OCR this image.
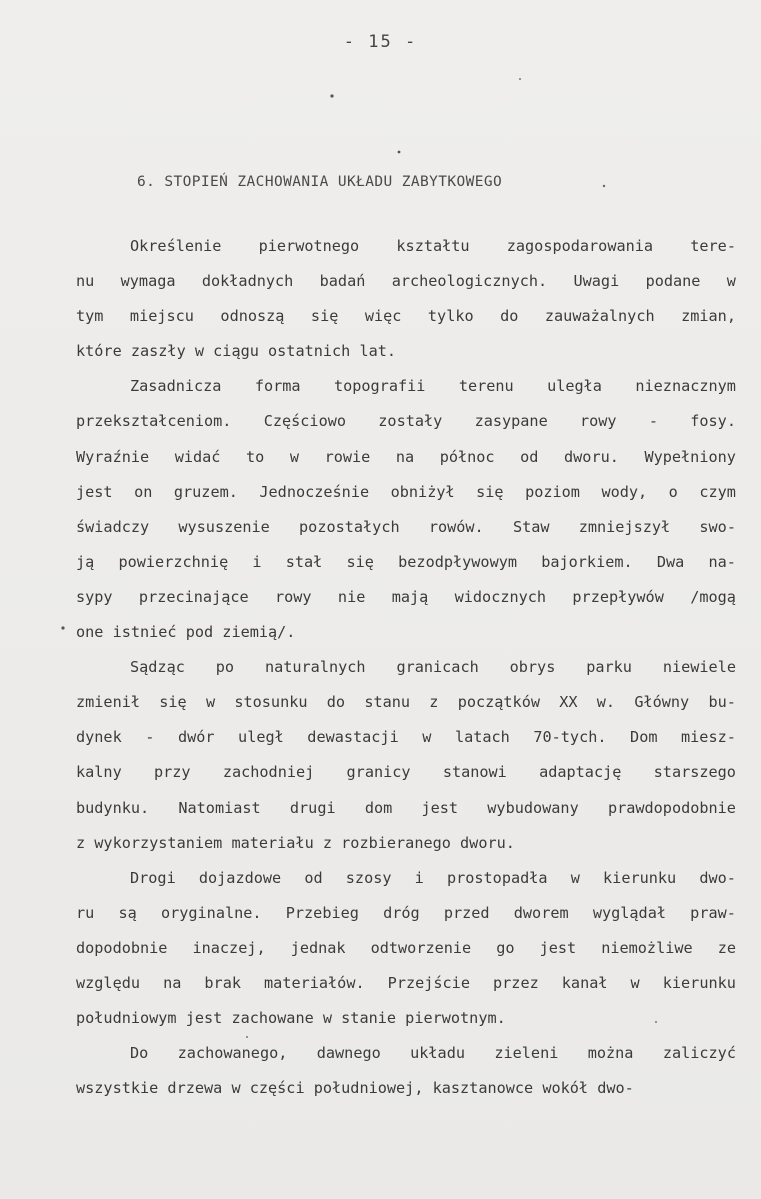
- 15 -
6. STOPIEŃ ZACHOWANIA UKŁADU ZABYTKOWEGO
Określenie pierwotnego kształtu zagospodarowania tere-
nu wymaga dokładnych badań archeologicznych. Uwagi podane w
tym miejscu odnoszą się więc tylko do zauważalnych zmian,
które zaszły w ciągu ostatnich lat.
Zasadnicza forma topografii terenu uległa nieznacznym
przekształceniom. Częściowo zostały zasypane rowy - fosy.
Wyraźnie widać to w rowie na północ od dworu. Wypełniony
jest on gruzem. Jednocześnie obniżył się poziom wody, o czym
świadczy wysuszenie pozostałych rowów. Staw zmniejszył swo-
ją powierzchnię i stał się bezodpływowym bajorkiem. Dwa na-
sypy przecinające rowy nie mają widocznych przepływów /mogą
one istnieć pod ziemią/.
Sądząc po naturalnych granicach obrys parku niewiele
zmienił się w stosunku do stanu z początków XX w. Główny bu-
dynek - dwór uległ dewastacji w latach 70-tych. Dom miesz-
kalny przy zachodniej granicy stanowi adaptację starszego
budynku. Natomiast drugi dom jest wybudowany prawdopodobnie
z wykorzystaniem materiału z rozbieranego dworu.
Drogi dojazdowe od szosy i prostopadła w kierunku dwo-
ru są oryginalne. Przebieg dróg przed dworem wyglądał praw-
dopodobnie inaczej, jednak odtworzenie go jest niemożliwe ze
względu na brak materiałów. Przejście przez kanał w kierunku
południowym jest zachowane w stanie pierwotnym.
Do zachowanego, dawnego układu zieleni można zaliczyć
wszystkie drzewa w części południowej, kasztanowce wokół dwo-
